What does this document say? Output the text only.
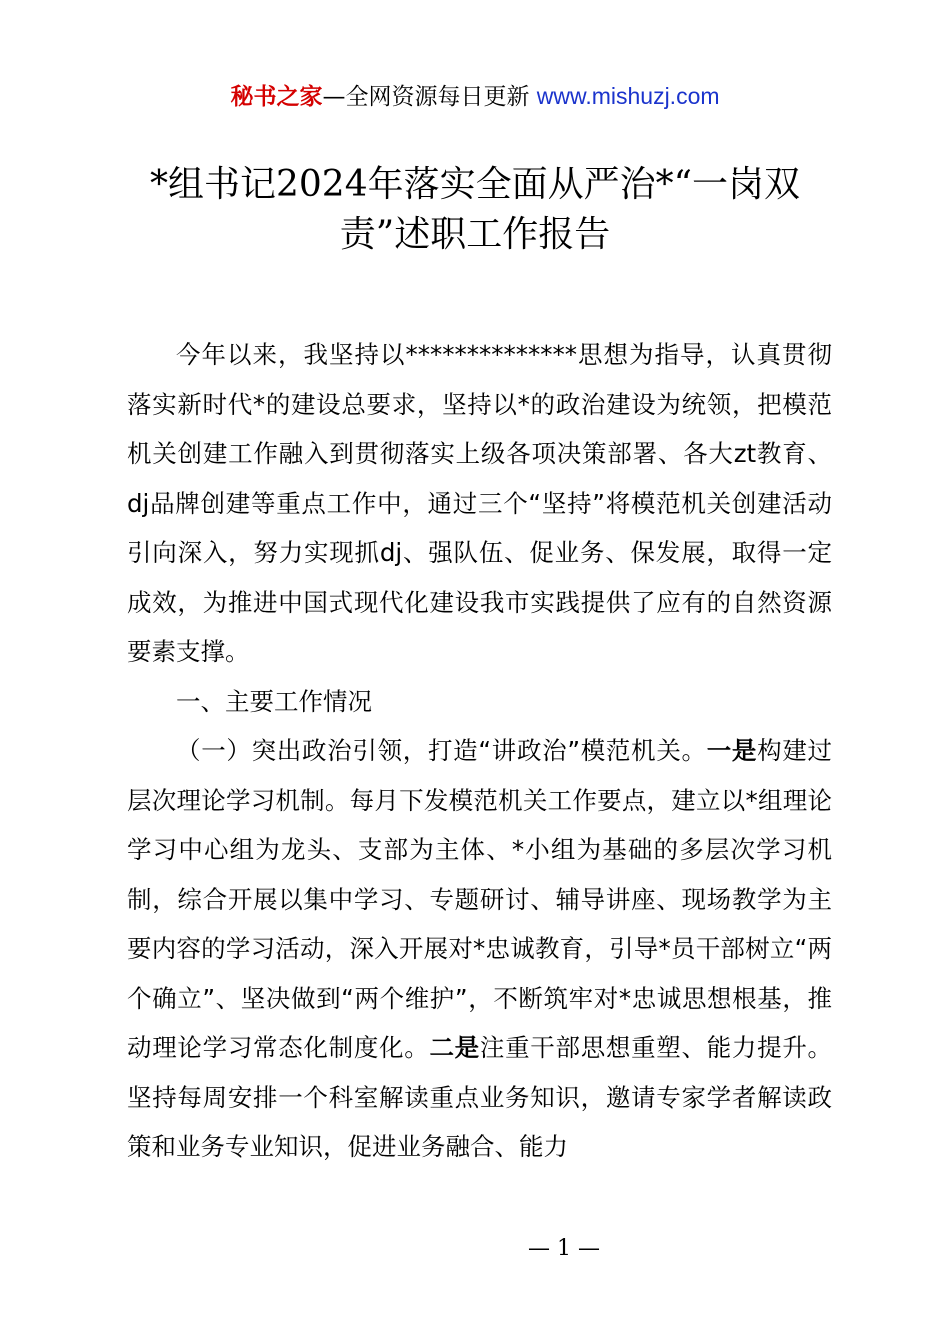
秘书之家—全网资源每日更新 www.mishuzj.com
*组书记2024年落实全面从严治*“一岗双责”述职工作报告

今年以来，我坚持以**************思想为指导，认真贯彻落实新时代*的建设总要求，坚持以*的政治建设为统领，把模范机关创建工作融入到贯彻落实上级各项决策部署、各大zt教育、dj品牌创建等重点工作中，通过三个“坚持”将模范机关创建活动引向深入，努力实现抓dj、强队伍、促业务、保发展，取得一定成效，为推进中国式现代化建设我市实践提供了应有的自然资源要素支撑。

一、主要工作情况

（一）突出政治引领，打造“讲政治”模范机关。一是构建过层次理论学习机制。每月下发模范机关工作要点，建立以*组理论学习中心组为龙头、支部为主体、*小组为基础的多层次学习机制，综合开展以集中学习、专题研讨、辅导讲座、现场教学为主要内容的学习活动，深入开展对*忠诚教育，引导*员干部树立“两个确立”、坚决做到“两个维护”，不断筑牢对*忠诚思想根基，推动理论学习常态化制度化。二是注重干部思想重塑、能力提升。坚持每周安排一个科室解读重点业务知识，邀请专家学者解读政策和业务专业知识，促进业务融合、能力

— 1 —
